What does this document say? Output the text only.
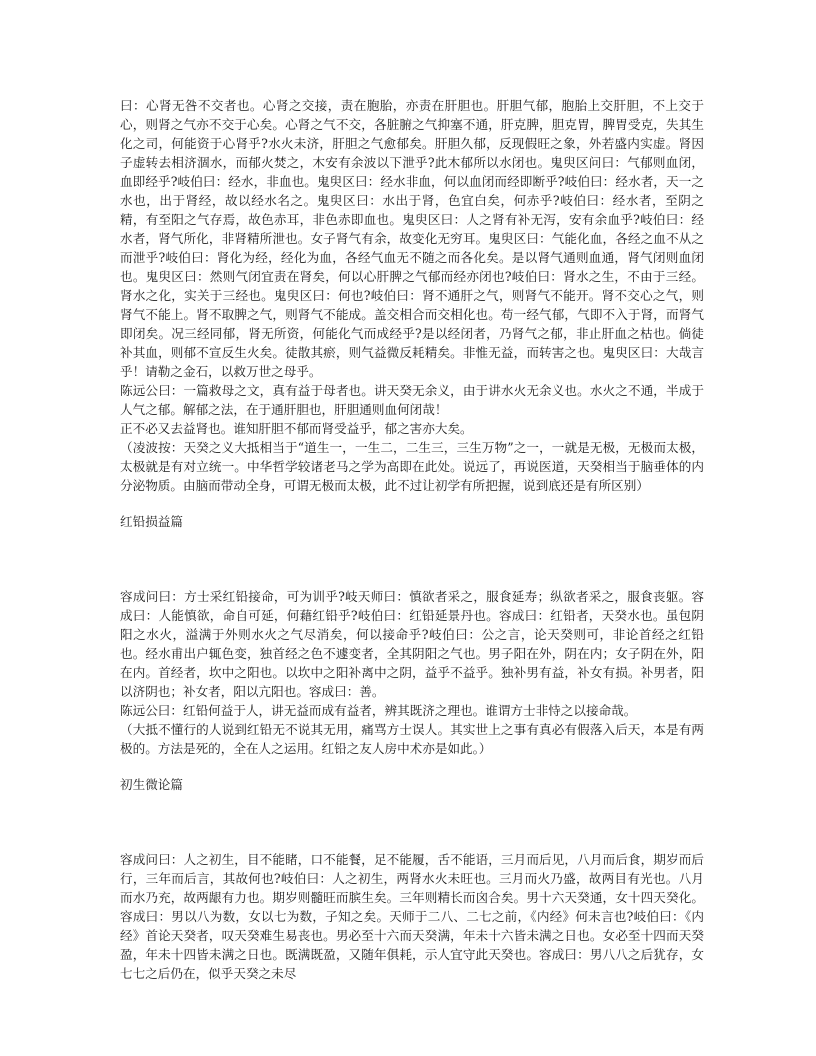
曰：心肾无咎不交者也。心肾之交接，责在胞胎，亦责在肝胆也。肝胆气郁，胞胎上交肝胆，不上交于心，则肾之气亦不交于心矣。心肾之气不交，各脏腑之气抑塞不通，肝克脾，胆克胃，脾胃受克，失其生化之司，何能资于心肾乎?水火未济，肝胆之气愈郁矣。肝胆久郁，反现假旺之象，外若盛内实虚。肾因子虚转去相济涸水，而郁火焚之，木安有余波以下泄乎?此木郁所以水闭也。鬼臾区问曰：气郁则血闭，血即经乎?岐伯曰：经水，非血也。鬼臾区曰：经水非血，何以血闭而经即断乎?岐伯曰：经水者，天一之水也，出于肾经，故以经水名之。鬼臾区曰：水出于肾，色宜白矣，何赤乎?岐伯曰：经水者，至阴之精，有至阳之气存焉，故色赤耳，非色赤即血也。鬼臾区曰：人之肾有补无泻，安有余血乎?岐伯曰：经水者，肾气所化，非肾精所泄也。女子肾气有余，故变化无穷耳。鬼臾区曰：气能化血，各经之血不从之而泄乎?岐伯曰：肾化为经，经化为血，各经气血无不随之而各化矣。是以肾气通则血通，肾气闭则血闭也。鬼臾区曰：然则气闭宜责在肾矣，何以心肝脾之气郁而经亦闭也?岐伯曰：肾水之生，不由于三经。肾水之化，实关于三经也。鬼臾区曰：何也?岐伯曰：肾不通肝之气，则肾气不能开。肾不交心之气，则肾气不能上。肾不取脾之气，则肾气不能成。盖交相合而交相化也。苟一经气郁，气即不入于肾，而肾气即闭矣。况三经同郁，肾无所资，何能化气而成经乎?是以经闭者，乃肾气之郁，非止肝血之枯也。倘徒补其血，则郁不宣反生火矣。徒散其瘀，则气益微反耗精矣。非惟无益，而转害之也。鬼臾区曰：大哉言乎！请勒之金石，以救万世之母乎。

陈远公曰：一篇救母之文，真有益于母者也。讲天癸无余义，由于讲水火无余义也。水火之不通，半成于人气之郁。解郁之法，在于通肝胆也，肝胆通则血何闭哉！

正不必又去益肾也。谁知肝胆不郁而肾受益乎，郁之害亦大矣。

（凌波按：天癸之义大抵相当于“道生一，一生二，二生三，三生万物”之一，一就是无极，无极而太极，太极就是有对立统一。中华哲学较诸老马之学为高即在此处。说远了，再说医道，天癸相当于脑垂体的内分泌物质。由脑而带动全身，可谓无极而太极，此不过让初学有所把握，说到底还是有所区别）

红铅损益篇

容成问曰：方士采红铅接命，可为训乎?岐天师曰：慎欲者采之，服食延寿；纵欲者采之，服食丧躯。容成曰：人能慎欲，命自可延，何藉红铅乎?岐伯曰：红铅延景丹也。容成曰：红铅者，天癸水也。虽包阴阳之水火，溢满于外则水火之气尽消矣，何以接命乎?岐伯曰：公之言，论天癸则可，非论首经之红铅也。经水甫出户辄色变，独首经之色不遽变者，全其阴阳之气也。男子阳在外，阴在内；女子阴在外，阳在内。首经者，坎中之阳也。以坎中之阳补离中之阴，益乎不益乎。独补男有益，补女有损。补男者，阳以济阴也；补女者，阳以亢阳也。容成曰：善。

陈远公曰：红铅何益于人，讲无益而成有益者，辨其既济之理也。谁谓方士非恃之以接命哉。

（大抵不懂行的人说到红铅无不说其无用，痛骂方士误人。其实世上之事有真必有假落入后天，本是有两极的。方法是死的，全在人之运用。红铅之友人房中术亦是如此。）

初生微论篇

容成问曰：人之初生，目不能睹，口不能餐，足不能履，舌不能语，三月而后见，八月而后食，期岁而后行，三年而后言，其故何也?岐伯曰：人之初生，两肾水火未旺也。三月而火乃盛，故两目有光也。八月而水乃充，故两龈有力也。期岁则髓旺而膑生矣。三年则精长而囟合矣。男十六天癸通，女十四天癸化。容成曰：男以八为数，女以七为数，子知之矣。天师于二八、二七之前，《内经》何未言也?岐伯曰：《内经》首论天癸者，叹天癸难生易丧也。男必至十六而天癸满，年未十六皆未满之日也。女必至十四而天癸盈，年未十四皆未满之日也。既满既盈，又随年俱耗，示人宜守此天癸也。容成曰：男八八之后犹存，女七七之后仍在，似乎天癸之未尽
